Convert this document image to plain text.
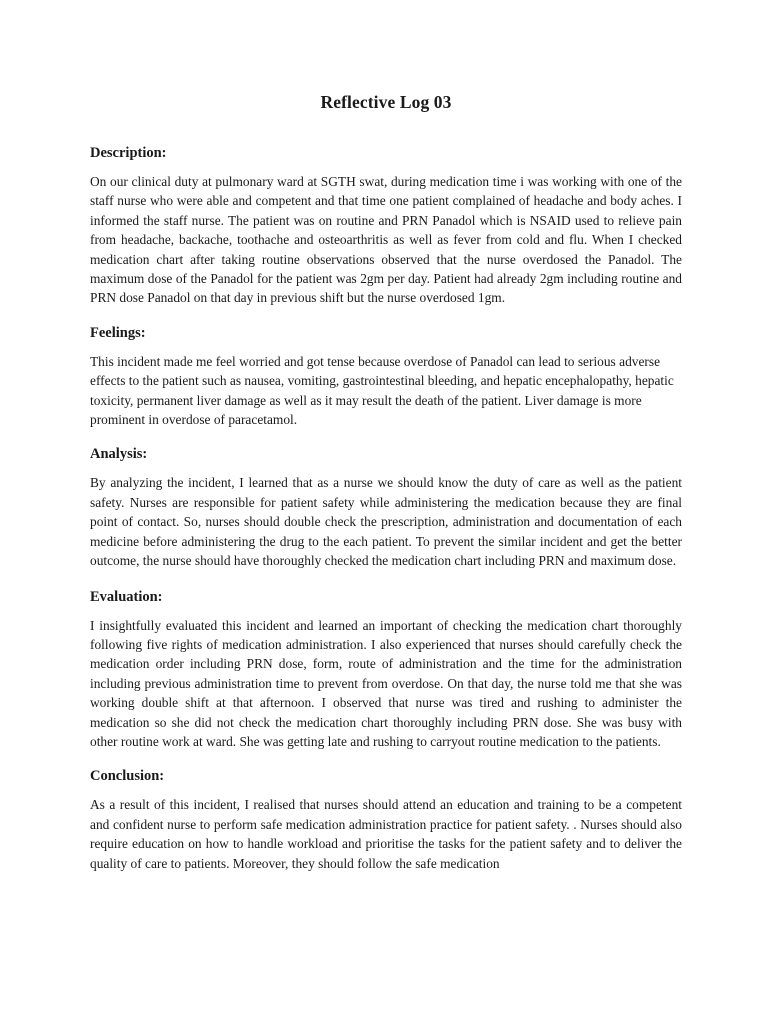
Reflective Log 03
Description:

On our clinical duty at pulmonary ward at SGTH swat, during medication time i was working with one of the staff nurse who were able and competent and that time one patient complained of headache and body aches. I informed the staff nurse. The patient was on routine and PRN Panadol which is NSAID used to relieve pain from headache, backache, toothache and osteoarthritis as well as fever from cold and flu. When I checked medication chart after taking routine observations observed that the nurse overdosed the Panadol. The maximum dose of the Panadol for the patient was 2gm per day. Patient had already 2gm including routine and PRN dose Panadol on that day in previous shift but the nurse overdosed 1gm.

Feelings:

This incident made me feel worried and got tense because overdose of Panadol can lead to serious adverse effects to the patient such as nausea, vomiting, gastrointestinal bleeding, and hepatic encephalopathy, hepatic toxicity, permanent liver damage as well as it may result the death of the patient. Liver damage is more prominent in overdose of paracetamol.

Analysis:

By analyzing the incident, I learned that as a nurse we should know the duty of care as well as the patient safety. Nurses are responsible for patient safety while administering the medication because they are final point of contact. So, nurses should double check the prescription, administration and documentation of each medicine before administering the drug to the each patient. To prevent the similar incident and get the better outcome, the nurse should have thoroughly checked the medication chart including PRN and maximum dose.

Evaluation:

I insightfully evaluated this incident and learned an important of checking the medication chart thoroughly following five rights of medication administration. I also experienced that nurses should carefully check the medication order including PRN dose, form, route of administration and the time for the administration including previous administration time to prevent from overdose. On that day, the nurse told me that she was working double shift at that afternoon. I observed that nurse was tired and rushing to administer the medication so she did not check the medication chart thoroughly including PRN dose. She was busy with other routine work at ward. She was getting late and rushing to carryout routine medication to the patients.

Conclusion:

As a result of this incident, I realised that nurses should attend an education and training to be a competent and confident nurse to perform safe medication administration practice for patient safety. . Nurses should also require education on how to handle workload and prioritise the tasks for the patient safety and to deliver the quality of care to patients. Moreover, they should follow the safe medication
